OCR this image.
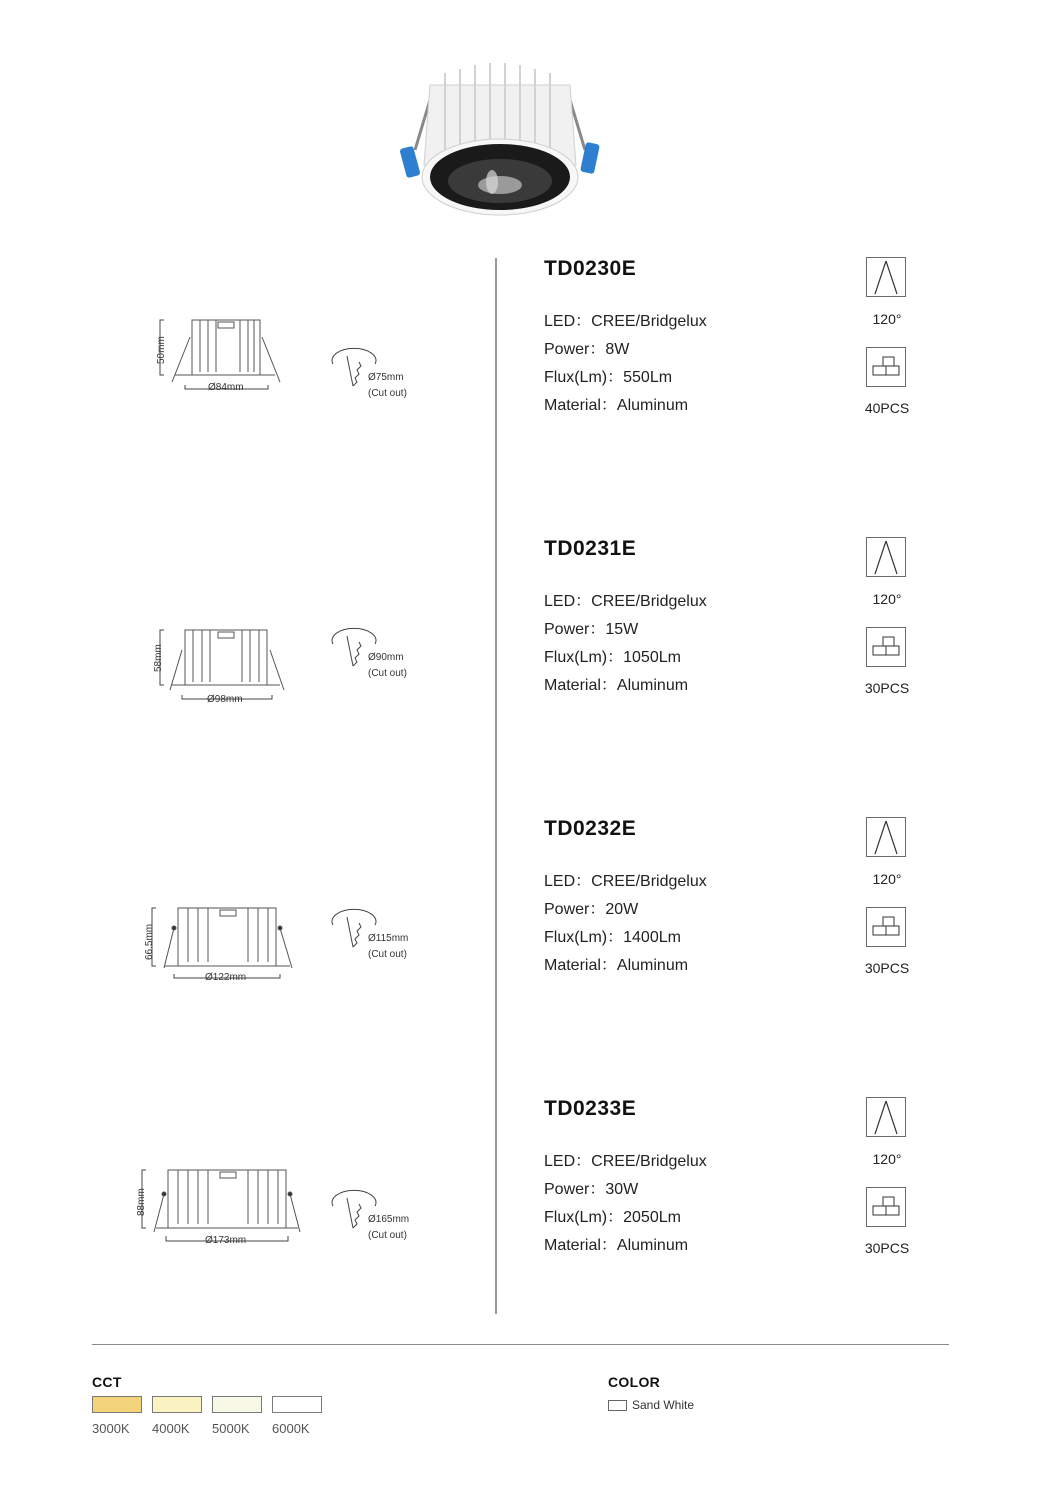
TD0230E
LED：CREE/Bridgelux
Power：8W
Flux(Lm)：550Lm
Material：Aluminum
120°
40PCS
Ø75mm
(Cut out)
TD0231E
LED：CREE/Bridgelux
Power：15W
Flux(Lm)：1050Lm
Material：Aluminum
120°
30PCS
Ø90mm
(Cut out)
TD0232E
LED：CREE/Bridgelux
Power：20W
Flux(Lm)：1400Lm
Material：Aluminum
120°
30PCS
Ø115mm
(Cut out)
TD0233E
LED：CREE/Bridgelux
Power：30W
Flux(Lm)：2050Lm
Material：Aluminum
120°
30PCS
Ø165mm
(Cut out)
Ø84mm
50mm
Ø98mm
58mm
Ø122mm
66.5mm
Ø173mm
88mm
CCT
3000K 4000K 5000K 6000K
COLOR
Sand White
